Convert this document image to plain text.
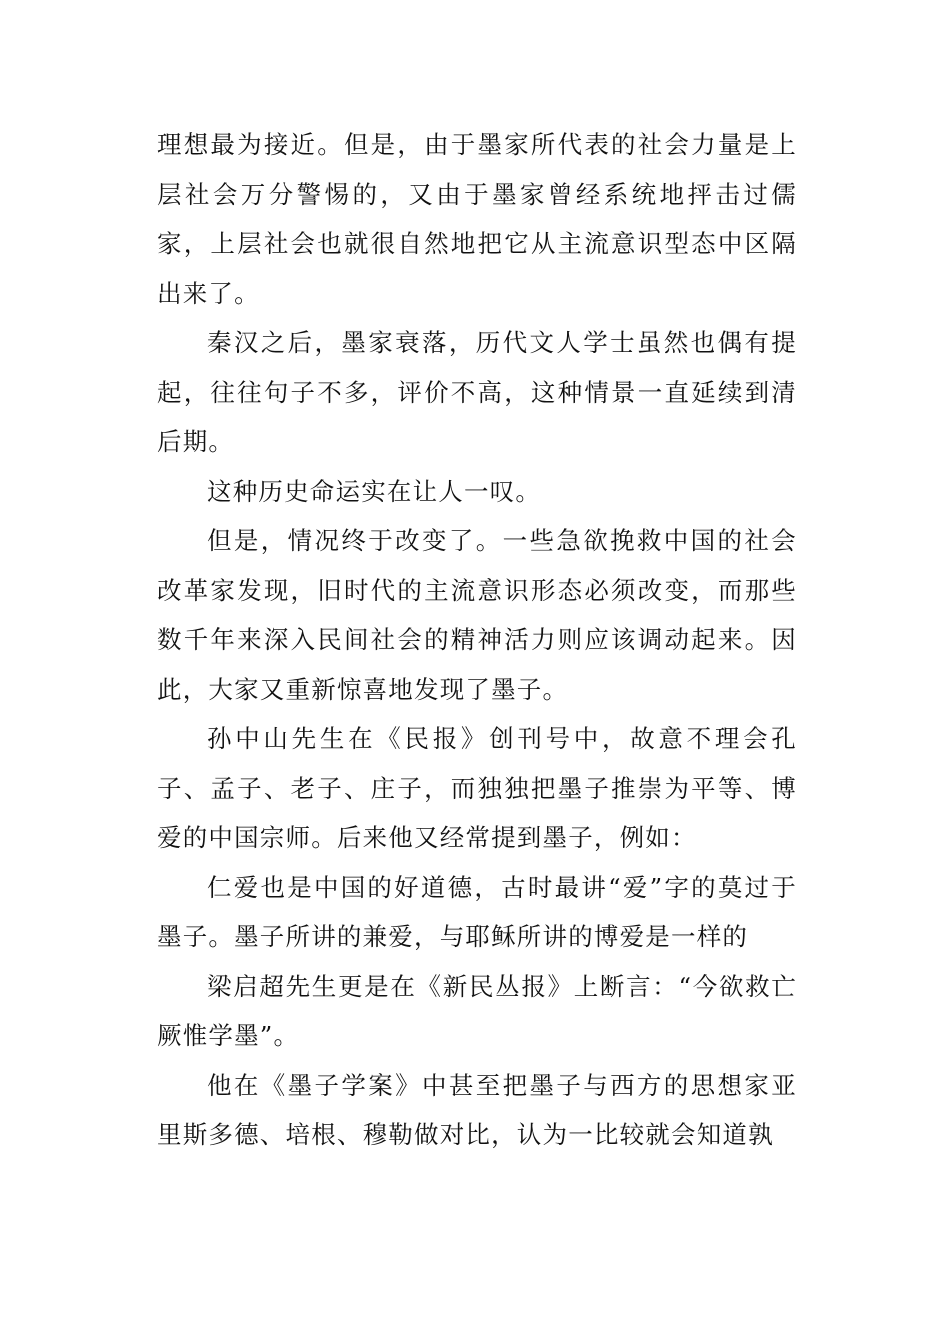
理想最为接近。但是，由于墨家所代表的社会力量是上层社会万分警惕的，又由于墨家曾经系统地抨击过儒家，上层社会也就很自然地把它从主流意识型态中区隔出来了。

秦汉之后，墨家衰落，历代文人学士虽然也偶有提起，往往句子不多，评价不高，这种情景一直延续到清后期。

这种历史命运实在让人一叹。

但是，情况终于改变了。一些急欲挽救中国的社会改革家发现，旧时代的主流意识形态必须改变，而那些数千年来深入民间社会的精神活力则应该调动起来。因此，大家又重新惊喜地发现了墨子。

孙中山先生在《民报》创刊号中，故意不理会孔子、孟子、老子、庄子，而独独把墨子推崇为平等、博爱的中国宗师。后来他又经常提到墨子，例如：

仁爱也是中国的好道德，古时最讲“爱”字的莫过于墨子。墨子所讲的兼爱，与耶稣所讲的博爱是一样的

梁启超先生更是在《新民丛报》上断言：“今欲救亡厥惟学墨”。

他在《墨子学案》中甚至把墨子与西方的思想家亚里斯多德、培根、穆勒做对比，认为一比较就会知道孰
